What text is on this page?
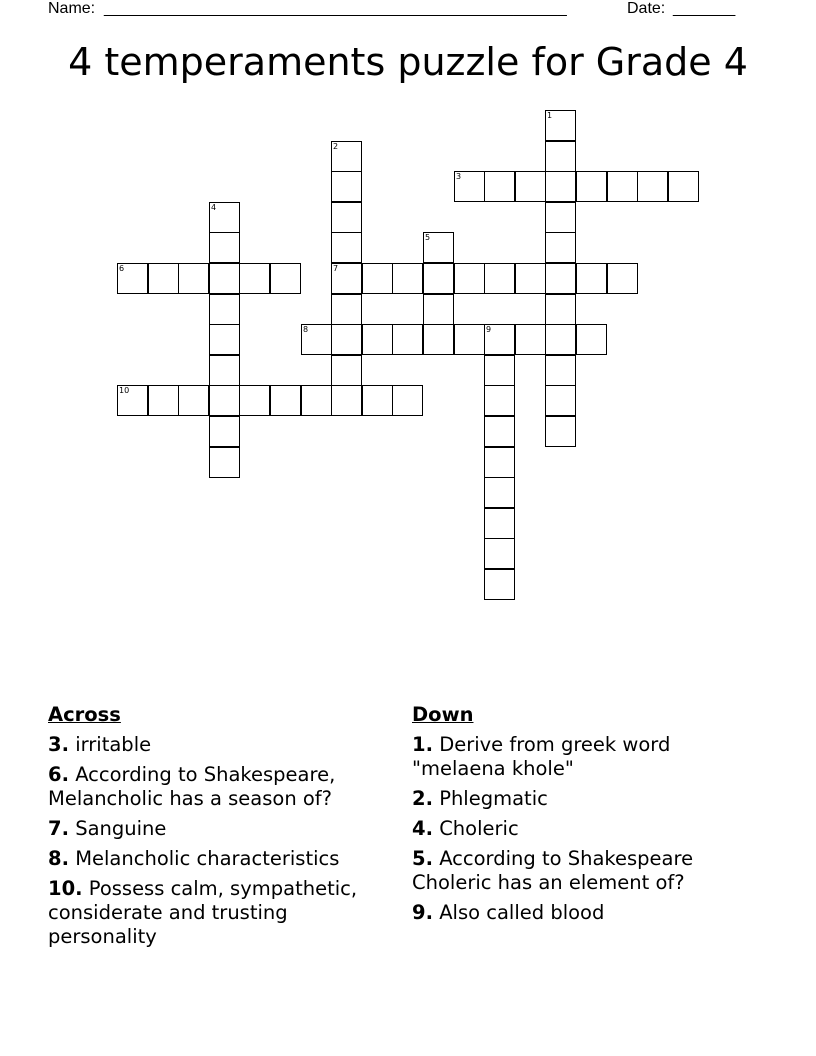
Name: ____________________________________________________	Date: _______
4 temperaments puzzle for Grade 4
1
2
7
3
4
5
6
8	9
10
Across
3. irritable
6. According to Shakespeare, Melancholic has a season of?
7. Sanguine
8. Melancholic characteristics
10. Possess calm, sympathetic, considerate and trusting personality
Down
1. Derive from greek word "melaena khole"
2. Phlegmatic
4. Choleric
5. According to Shakespeare Choleric has an element of?
9. Also called blood
